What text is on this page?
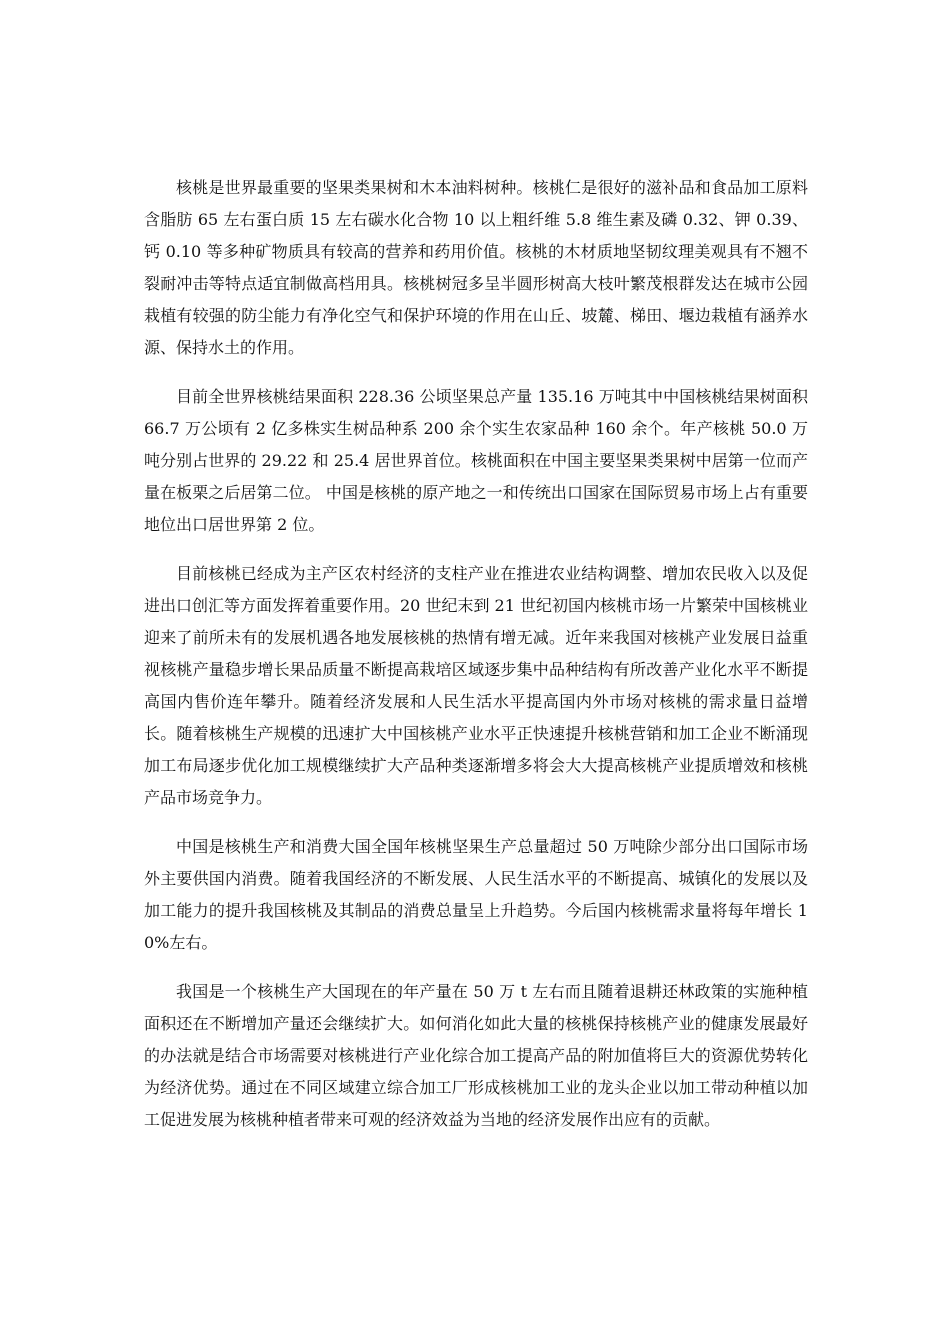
核桃是世界最重要的坚果类果树和木本油料树种。核桃仁是很好的滋补品和食品加工原料含脂肪 65 左右蛋白质 15 左右碳水化合物 10 以上粗纤维 5.8 维生素及磷 0.32、钾 0.39、钙 0.10 等多种矿物质具有较高的营养和药用价值。核桃的木材质地坚韧纹理美观具有不翘不裂耐冲击等特点适宜制做高档用具。核桃树冠多呈半圆形树高大枝叶繁茂根群发达在城市公园栽植有较强的防尘能力有净化空气和保护环境的作用在山丘、坡麓、梯田、堰边栽植有涵养水源、保持水土的作用。

目前全世界核桃结果面积 228.36 公顷坚果总产量 135.16 万吨其中中国核桃结果树面积 66.7 万公顷有 2 亿多株实生树品种系 200 余个实生农家品种 160 余个。年产核桃 50.0 万吨分别占世界的 29.22 和 25.4 居世界首位。核桃面积在中国主要坚果类果树中居第一位而产量在板栗之后居第二位。 中国是核桃的原产地之一和传统出口国家在国际贸易市场上占有重要地位出口居世界第 2 位。

目前核桃已经成为主产区农村经济的支柱产业在推进农业结构调整、增加农民收入以及促进出口创汇等方面发挥着重要作用。20 世纪末到 21 世纪初国内核桃市场一片繁荣中国核桃业迎来了前所未有的发展机遇各地发展核桃的热情有增无减。近年来我国对核桃产业发展日益重视核桃产量稳步增长果品质量不断提高栽培区域逐步集中品种结构有所改善产业化水平不断提高国内售价连年攀升。随着经济发展和人民生活水平提高国内外市场对核桃的需求量日益增长。随着核桃生产规模的迅速扩大中国核桃产业水平正快速提升核桃营销和加工企业不断涌现加工布局逐步优化加工规模继续扩大产品种类逐渐增多将会大大提高核桃产业提质增效和核桃产品市场竞争力。

中国是核桃生产和消费大国全国年核桃坚果生产总量超过 50 万吨除少部分出口国际市场外主要供国内消费。随着我国经济的不断发展、人民生活水平的不断提高、城镇化的发展以及加工能力的提升我国核桃及其制品的消费总量呈上升趋势。今后国内核桃需求量将每年增长 10%左右。

我国是一个核桃生产大国现在的年产量在 50 万 t 左右而且随着退耕还林政策的实施种植面积还在不断增加产量还会继续扩大。如何消化如此大量的核桃保持核桃产业的健康发展最好的办法就是结合市场需要对核桃进行产业化综合加工提高产品的附加值将巨大的资源优势转化为经济优势。通过在不同区域建立综合加工厂形成核桃加工业的龙头企业以加工带动种植以加工促进发展为核桃种植者带来可观的经济效益为当地的经济发展作出应有的贡献。
